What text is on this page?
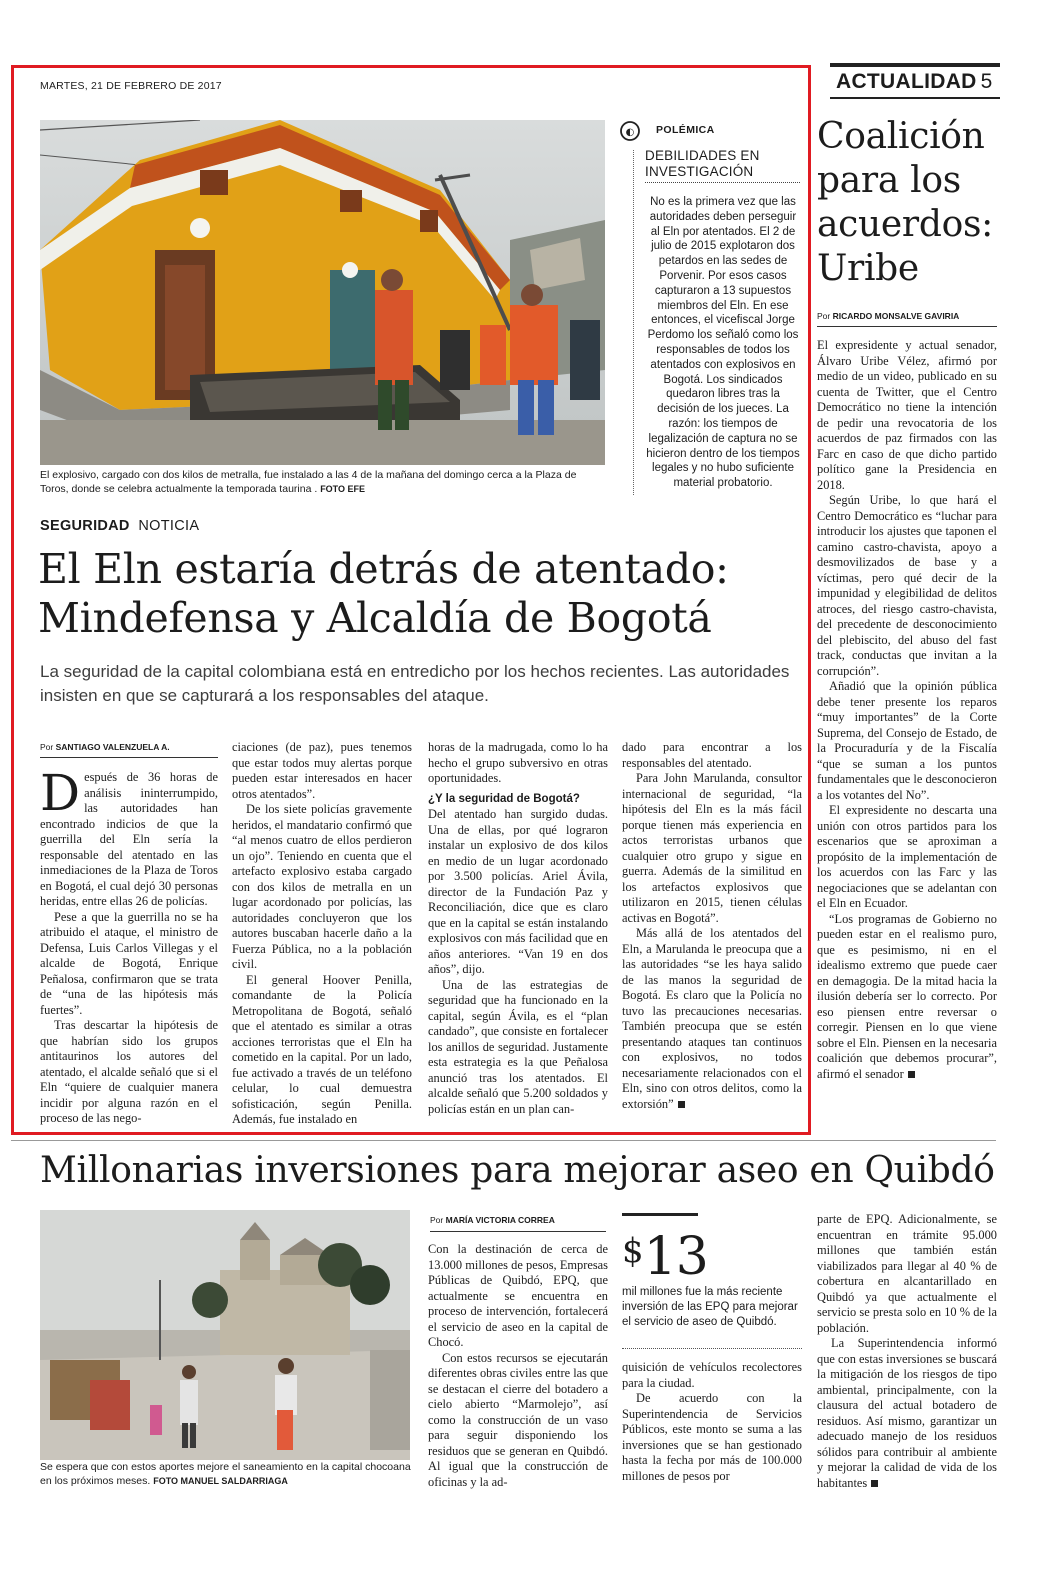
MARTES, 21 DE FEBRERO DE 2017	ACTUALIDAD 5
El explosivo, cargado con dos kilos de metralla, fue instalado a las 4 de la mañana del domingo cerca a la Plaza de Toros, donde se celebra actualmente la temporada taurina . FOTO EFE
◐ POLÉMICA
DEBILIDADES EN INVESTIGACIÓN
No es la primera vez que las autoridades deben perseguir al Eln por atentados. El 2 de julio de 2015 explotaron dos petardos en las sedes de Porvenir. Por esos casos capturaron a 13 supuestos miembros del Eln. En ese entonces, el vicefiscal Jorge Perdomo los señaló como los responsables de todos los atentados con explosivos en Bogotá. Los sindicados quedaron libres tras la decisión de los jueces. La razón: los tiempos de legalización de captura no se hicieron dentro de los tiempos legales y no hubo suficiente material probatorio.
SEGURIDAD NOTICIA
El Eln estaría detrás de atentado: Mindefensa y Alcaldía de Bogotá
La seguridad de la capital colombiana está en entredicho por los hechos recientes. Las autoridades insisten en que se capturará a los responsables del ataque.
Por SANTIAGO VALENZUELA A.
D espués de 36 horas de análisis ininterrumpido, las autoridades han encontrado indicios de que la guerrilla del Eln sería la responsable del atentado en las inmediaciones de la Plaza de Toros en Bogotá, el cual dejó 30 personas heridas, entre ellas 26 de policías.

Pese a que la guerrilla no se ha atribuido el ataque, el ministro de Defensa, Luis Carlos Villegas y el alcalde de Bogotá, Enrique Peñalosa, confirmaron que se trata de “una de las hipótesis más fuertes”.

Tras descartar la hipótesis de que habrían sido los grupos antitaurinos los autores del atentado, el alcalde señaló que si el Eln “quiere de cualquier manera incidir por alguna razón en el proceso de las nego-

ciaciones (de paz), pues tenemos que estar todos muy alertas porque pueden estar interesados en hacer otros atentados”.

De los siete policías gravemente heridos, el mandatario confirmó que “al menos cuatro de ellos perdieron un ojo”. Teniendo en cuenta que el artefacto explosivo estaba cargado con dos kilos de metralla en un lugar acordonado por policías, las autoridades concluyeron que los autores buscaban hacerle daño a la Fuerza Pública, no a la población civil.

El general Hoover Penilla, comandante de la Policía Metropolitana de Bogotá, señaló que el atentado es similar a otras acciones terroristas que el Eln ha cometido en la capital. Por un lado, fue activado a través de un teléfono celular, lo cual demuestra sofisticación, según Penilla. Además, fue instalado en

horas de la madrugada, como lo ha hecho el grupo subversivo en otras oportunidades.

¿Y la seguridad de Bogotá?

Del atentado han surgido dudas. Una de ellas, por qué lograron instalar un explosivo de dos kilos en medio de un lugar acordonado por 3.500 policías. Ariel Ávila, director de la Fundación Paz y Reconciliación, dice que es claro que en la capital se están instalando explosivos con más facilidad que en años anteriores. “Van 19 en dos años”, dijo.

Una de las estrategias de seguridad que ha funcionado en la capital, según Ávila, es el “plan candado”, que consiste en fortalecer los anillos de seguridad. Justamente esta estrategia es la que Peñalosa anunció tras los atentados. El alcalde señaló que 5.200 soldados y policías están en un plan can-

dado para encontrar a los responsables del atentado.

Para John Marulanda, consultor internacional de seguridad, “la hipótesis del Eln es la más fácil porque tienen más experiencia en actos terroristas urbanos que cualquier otro grupo y sigue en guerra. Además de la similitud en los artefactos explosivos que utilizaron en 2015, tienen células activas en Bogotá”.

Más allá de los atentados del Eln, a Marulanda le preocupa que a las autoridades “se les haya salido de las manos la seguridad de Bogotá. Es claro que la Policía no tuvo las precauciones necesarias. También preocupa que se estén presentando ataques tan continuos con explosivos, no todos necesariamente relacionados con el Eln, sino con otros delitos, como la extorsión”

Coalición para los acuerdos: Uribe
Por RICARDO MONSALVE GAVIRIA

El expresidente y actual senador, Álvaro Uribe Vélez, afirmó por medio de un video, publicado en su cuenta de Twitter, que el Centro Democrático no tiene la intención de pedir una revocatoria de los acuerdos de paz firmados con las Farc en caso de que dicho partido político gane la Presidencia en 2018.

Según Uribe, lo que hará el Centro Democrático es “luchar para introducir los ajustes que taponen el camino castro-chavista, apoyo a desmovilizados de base y a víctimas, pero qué decir de la impunidad y elegibilidad de delitos atroces, del riesgo castro-chavista, del precedente de desconocimiento del plebiscito, del abuso del fast track, conductas que invitan a la corrupción”.

Añadió que la opinión pública debe tener presente los reparos “muy importantes” de la Corte Suprema, del Consejo de Estado, de la Procuraduría y de la Fiscalía “que se suman a los puntos fundamentales que le desconocieron a los votantes del No”.

El expresidente no descarta una unión con otros partidos para los escenarios que se aproximan a propósito de la implementación de los acuerdos con las Farc y las negociaciones que se adelantan con el Eln en Ecuador.

“Los programas de Gobierno no pueden estar en el realismo puro, que es pesimismo, ni en el idealismo extremo que puede caer en demagogia. De la mitad hacia la ilusión debería ser lo correcto. Por eso piensen entre reversar o corregir. Piensen en lo que viene sobre el Eln. Piensen en la necesaria coalición que debemos procurar”, afirmó el senador

Millonarias inversiones para mejorar aseo en Quibdó
Se espera que con estos aportes mejore el saneamiento en la capital chocoana en los próximos meses. FOTO MANUEL SALDARRIAGA
Por MARÍA VICTORIA CORREA

Con la destinación de cerca de 13.000 millones de pesos, Empresas Públicas de Quibdó, EPQ, que actualmente se encuentra en proceso de intervención, fortalecerá el servicio de aseo en la capital de Chocó.

Con estos recursos se ejecutarán diferentes obras civiles entre las que se destacan el cierre del botadero a cielo abierto “Marmolejo”, así como la construcción de un vaso para seguir disponiendo los residuos que se generan en Quibdó. Al igual que la construcción de oficinas y la ad-

$13
mil millones fue la más reciente inversión de las EPQ para mejorar el servicio de aseo de Quibdó.

quisición de vehículos recolectores para la ciudad.

De acuerdo con la Superintendencia de Servicios Públicos, este monto se suma a las inversiones que se han gestionado hasta la fecha por más de 100.000 millones de pesos por

parte de EPQ. Adicionalmente, se encuentran en trámite 95.000 millones que también están viabilizados para llegar al 40 % de cobertura en alcantarillado en Quibdó ya que actualmente el servicio se presta solo en 10 % de la población.

La Superintendencia informó que con estas inversiones se buscará la mitigación de los riesgos de tipo ambiental, principalmente, con la clausura del actual botadero de residuos. Así mismo, garantizar un adecuado manejo de los residuos sólidos para contribuir al ambiente y mejorar la calidad de vida de los habitantes
